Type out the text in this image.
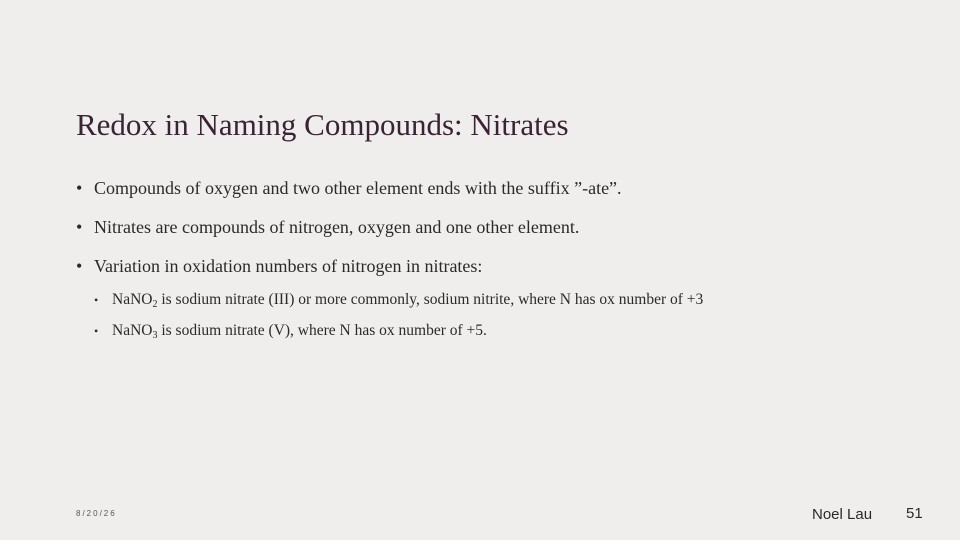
Redox in Naming Compounds: Nitrates
• Compounds of oxygen and two other element ends with the suffix ”-ate”.
• Nitrates are compounds of nitrogen, oxygen and one other element.
• Variation in oxidation numbers of nitrogen in nitrates:
• NaNO$_2$ is sodium nitrate (III) or more commonly, sodium nitrite, where N has ox number of +3
• NaNO$_3$ is sodium nitrate (V), where N has ox number of +5.
8/20/26	Noel Lau 51
